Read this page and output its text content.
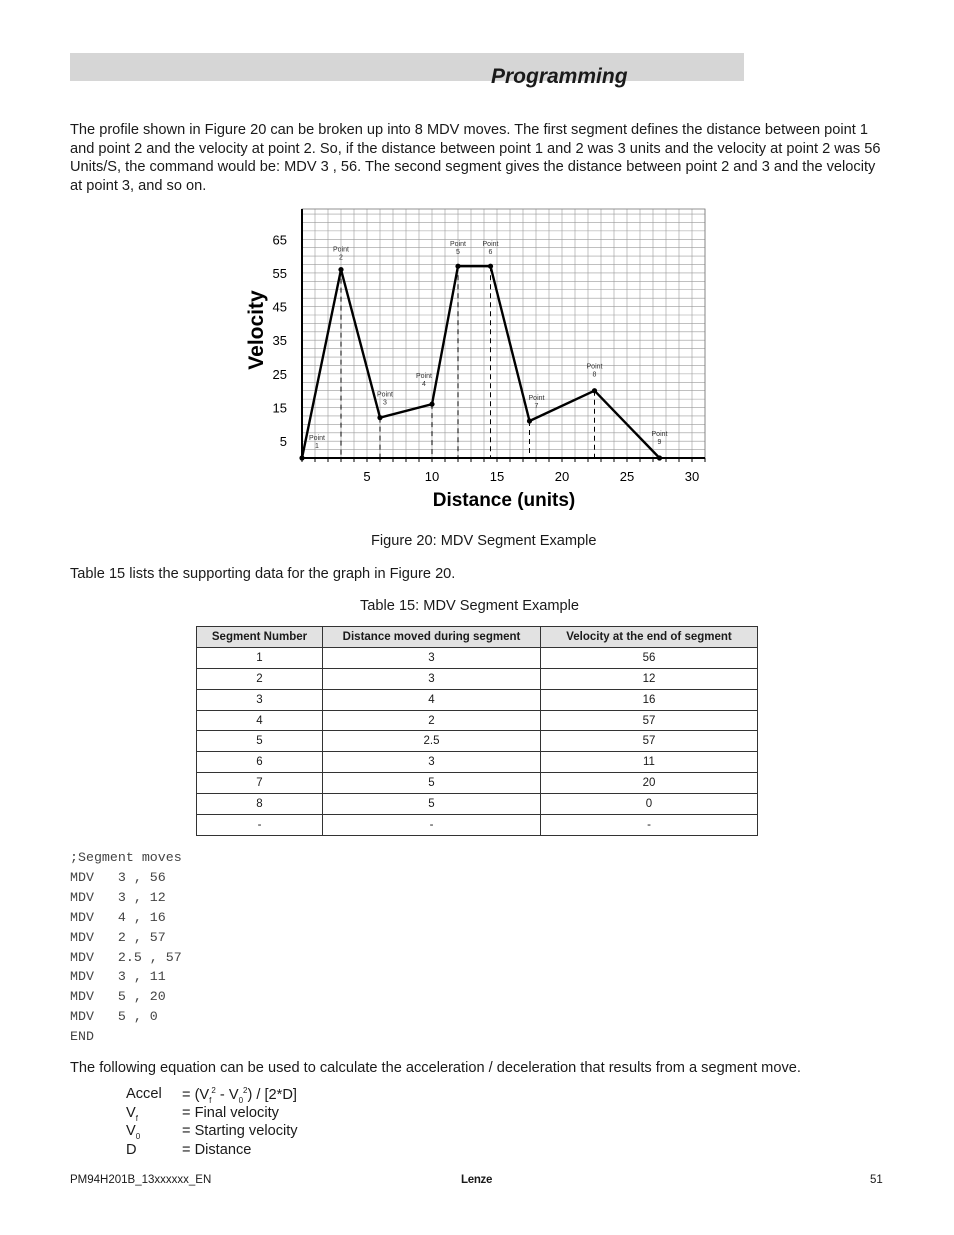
Programming

The profile shown in Figure 20 can be broken up into 8 MDV moves. The first segment defines the distance between point 1 and point 2 and the velocity at point 2. So, if the distance between point 1 and 2 was 3 units and the velocity at point 2 was 56 Units/S, the command would be: MDV 3 , 56. The second segment gives the distance between point 2 and 3 and the velocity at point 3, and so on.

5	10	15	20	25	30
5
15
25
35
45
55
65
Point
1
Point
2
Point
3
Point
4
Point
5
Point
6
Point
7
Point
8
Point
9
Velocity
Distance (units)
Figure 20: MDV Segment Example
Table 15 lists the supporting data for the graph in Figure 20.
Table 15: MDV Segment Example
Segment Number	Distance moved during segment	Velocity at the end of segment
1	3	56
2	3	12
3	4	16
4	2	57
5	2.5	57
6	3	11
7	5	20
8	5	0
-	-	-
;Segment moves
MDV   3 , 56
MDV   3 , 12
MDV   4 , 16
MDV   2 , 57
MDV   2.5 , 57
MDV   3 , 11
MDV   5 , 20
MDV   5 , 0
END
The following equation can be used to calculate the acceleration / deceleration that results from a segment move.
Accel = $(V_f^2 - V_0^2) / [2*D]$
$V_f$	= Final velocity
$V_0$	= Starting velocity
D	= Distance
PM94H201B_13xxxxxx_EN	Lenze	51
